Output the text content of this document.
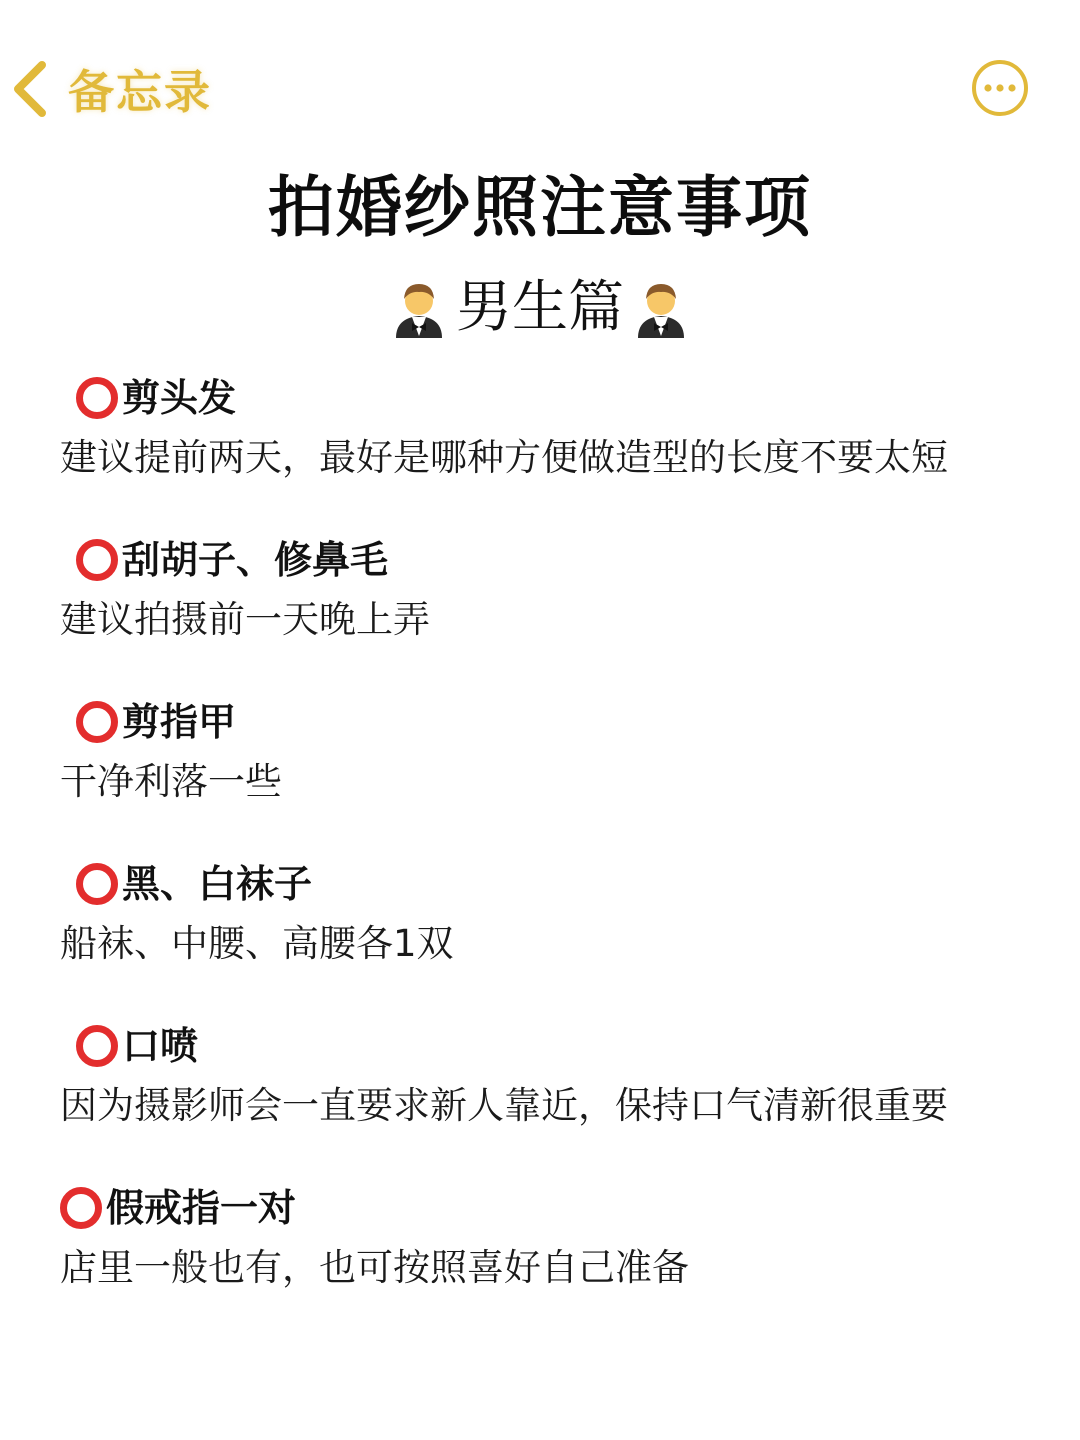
备忘录
拍婚纱照注意事项
男生篇
剪头发
建议提前两天，最好是哪种方便做造型的长度不要太短
刮胡子、修鼻毛
建议拍摄前一天晚上弄
剪指甲
干净利落一些
黑、白袜子
船袜、中腰、高腰各1双
口喷
因为摄影师会一直要求新人靠近，保持口气清新很重要
假戒指一对
店里一般也有，也可按照喜好自己准备
